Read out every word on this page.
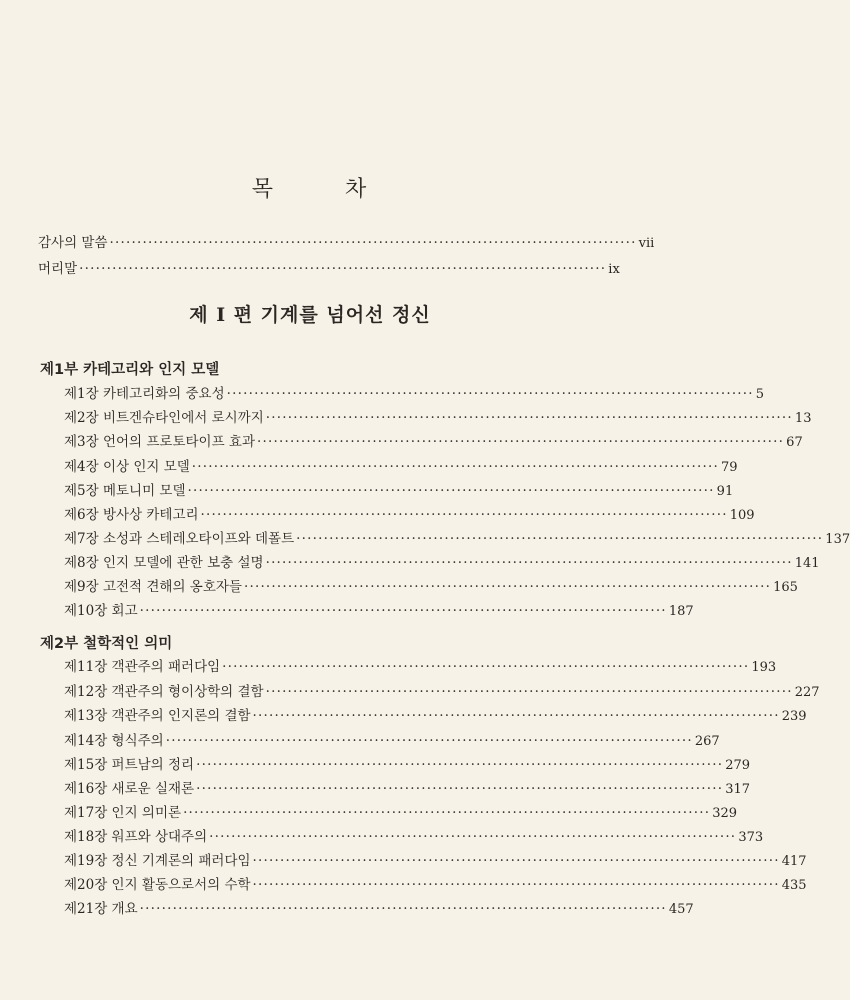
목	차
감사의 말씀 ································································································ vii
머리말 ································································································ ix
제 I 편 기계를 넘어선 정신
제1부 카테고리와 인지 모델
제1장 카테고리화의 중요성 ································································································ 5
제2장 비트겐슈타인에서 로시까지 ································································································ 13
제3장 언어의 프로토타이프 효과 ································································································ 67
제4장 이상 인지 모델 ································································································ 79
제5장 메토니미 모델 ································································································ 91
제6장 방사상 카테고리 ································································································ 109
제7장 소성과 스테레오타이프와 데폴트 ································································································ 137
제8장 인지 모델에 관한 보충 설명 ································································································ 141
제9장 고전적 견해의 옹호자들 ································································································ 165
제10장 회고 ································································································ 187
제2부 철학적인 의미
제11장 객관주의 패러다임 ································································································ 193
제12장 객관주의 형이상학의 결함 ································································································ 227
제13장 객관주의 인지론의 결함 ································································································ 239
제14장 형식주의 ································································································ 267
제15장 퍼트남의 정리 ································································································ 279
제16장 새로운 실재론 ································································································ 317
제17장 인지 의미론 ································································································ 329
제18장 워프와 상대주의 ································································································ 373
제19장 정신 기계론의 패러다임 ································································································ 417
제20장 인지 활동으로서의 수학 ································································································ 435
제21장 개요 ································································································ 457
